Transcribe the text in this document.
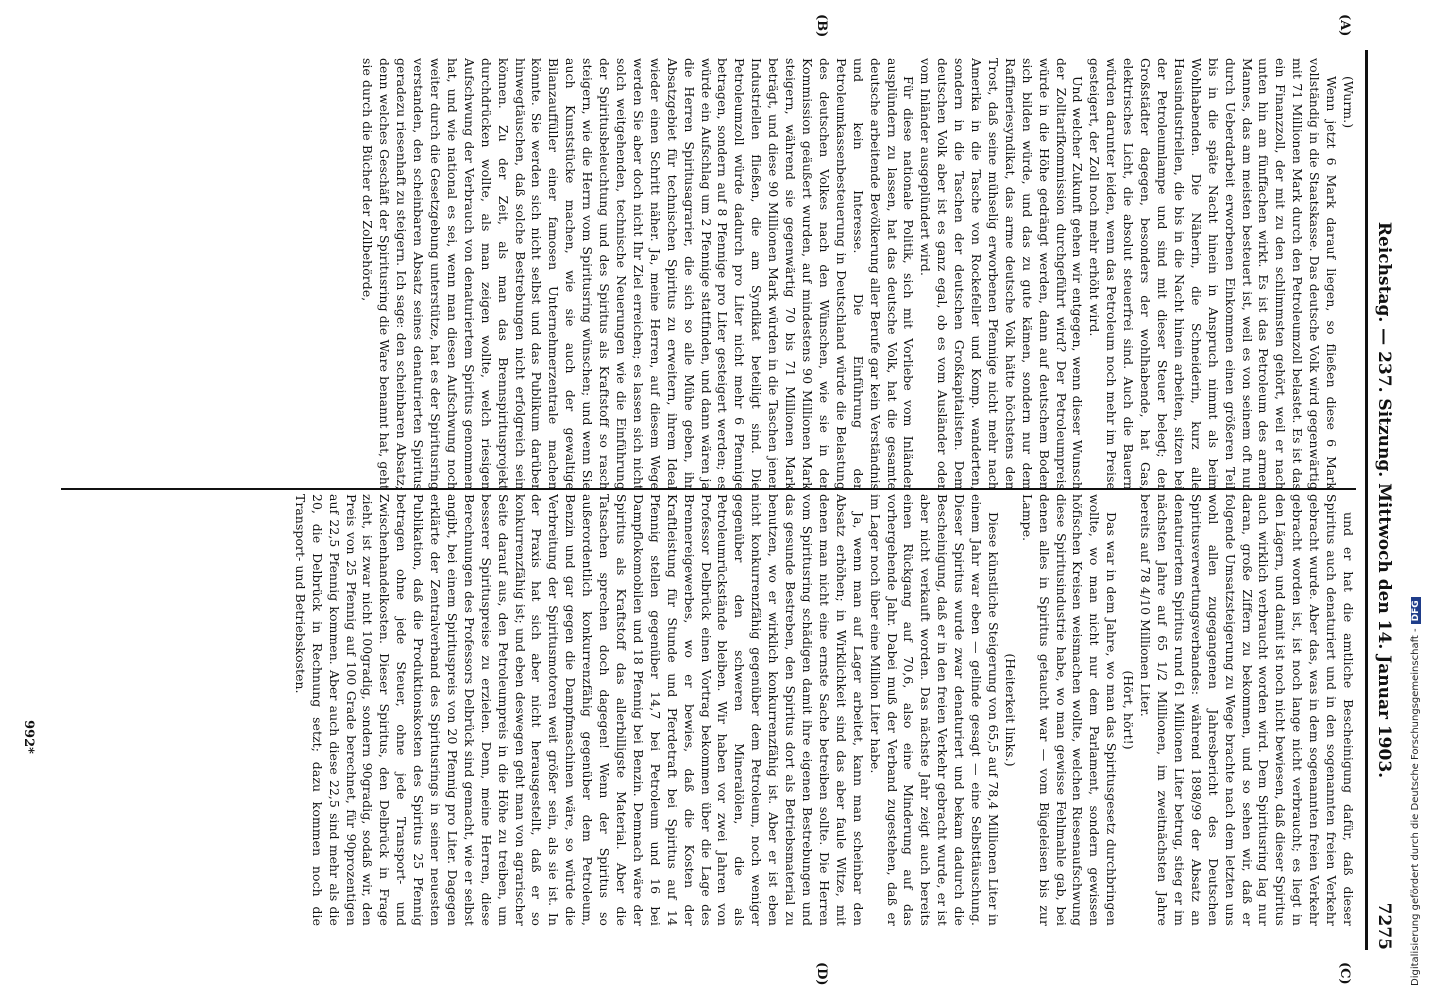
Reichstag. — 237. Sitzung. Mittwoch den 14. Januar 1903.
7275
(A)
(B)
(C)
(D)

(Wurm.)

Wenn jetzt 6 Mark darauf liegen, so fließen diese 6 Mark vollständig in die Staatskasse. Das deutsche Volk wird gegenwärtig mit 71 Millionen Mark durch den Petroleumzoll belastet. Es ist das ein Finanzzoll, der mit zu den schlimmsten gehört, weil er nach unten hin am fünffachen wirkt. Es ist das Petroleum des armen Mannes, das am meisten besteuert ist, weil es von seinem oft nur durch Ueberdarbeit erworbenen Einkommen einen größeren Teil bis in die späte Nacht hinein in Anspruch nimmt als beim Wohlhabenden. Die Näherin, die Schneiderin, kurz alle Hausindustriellen, die bis in die Nacht hinein arbeiten, sitzen bei der Petroleumlampe und sind mit dieser Steuer belegt; der Großstädter dagegen, besonders der wohlhabende, hat Gas, elektrisches Licht, die absolut steuerfrei sind. Auch die Bauern würden darunter leiden, wenn das Petroleum noch mehr im Preise gesteigert, der Zoll noch mehr erhöht wird.

Und welcher Zukunft gehen wir entgegen, wenn dieser Wunsch der Zolltarifkommission durchgeführt wird? Der Petroleumpreis würde in die Höhe gedrängt werden, dann auf deutschem Boden sich bilden würde, und das zu gute kämen, sondern nur dem Raffineriesyndikat, das arme deutsche Volk hätte höchstens den Trost, daß seine mühselig erworbenen Pfennige nicht mehr nach Amerika in die Tasche von Rockefeller und Komp. wanderten, sondern in die Taschen der deutschen Großkapitalisten. Dem deutschen Volk aber ist es ganz egal, ob es vom Ausländer oder vom Inländer ausgeplündert wird.

Für diese nationale Politik, sich mit Vorliebe vom Inländer ausplündern zu lassen, hat das deutsche Volk, hat die gesamte deutsche arbeitende Bevölkerung aller Berufe gar kein Verständnis und kein Interesse. Die Einführung der Petroleumkassenbesteuerung in Deutschland würde die Belastung des deutschen Volkes nach den Wünschen, wie sie in der Kommission geäußert wurden, auf mindestens 90 Millionen Mark steigern, während sie gegenwärtig 70 bis 71 Millionen Mark beträgt, und diese 90 Millionen Mark würden in die Taschen jener Industriellen fließen, die am Syndikat beteiligt sind. Die Petroleumzoll würde dadurch pro Liter nicht mehr 6 Pfennige betragen, sondern auf 8 Pfennige pro Liter gesteigert werden; es würde ein Aufschlag um 2 Pfennige stattfinden, und dann wären ja die Herren Spiritusagrarier, die sich so alle Mühe geben, ihr Absatzgebiet für technischen Spiritus zu erweitern, ihrem Ideal wieder einen Schritt näher. Ja, meine Herren, auf diesem Wege werden Sie aber doch nicht Ihr Ziel erreichen; es lassen sich nicht solch weitgehenden, technische Neuerungen wie die Einführung der Spiritusbeleuchtung und des Spiritus als Kraftstoff so rasch steigern, wie die Herrn vom Spiritusring wünschen; und wenn Sie auch Kunststücke machen, wie sie auch der gewaltige Bilanzauffüller einer famosen Unternehmerzentrale machen könnte. Sie werden sich nicht selbst und das Publikum darüber hinwegtäuschen, daß solche Bestrebungen nicht erfolgreich sein können. Zu der Zeit, als man das Brennspiritusprojekt durchdrücken wollte, als man zeigen wollte, welch riesigen Aufschwung der Verbrauch von denaturiertem Spiritus genommen hat, und wie national es sei, wenn man diesen Aufschwung noch weiter durch die Gesetzgebung unterstütze, hat es der Spiritusring verstanden, den scheinbaren Absatz seines denaturierten Spiritus geradezu riesenhaft zu steigern. Ich sage: den scheinbaren Absatz; denn welches Geschäft der Spiritusring die Ware benannt hat, geht sie durch die Bücher der Zollbehörde,

und er hat die amtliche Bescheinigung dafür, daß dieser Spiritus auch denaturiert und in den sogenannten freien Verkehr gebracht wurde. Aber das, was in dem sogenannten freien Verkehr gebracht worden ist, ist noch lange nicht verbraucht; es liegt in den Lägern, und damit ist noch nicht bewiesen, daß dieser Spiritus auch wirklich verbraucht worden wird. Dem Spiritusring lag nur daran, große Ziffern zu bekommen, und so sehen wir, daß er folgende Umsatzsteigerung zu Wege brachte nach dem letzten uns wohl allen zugegangenen Jahresbericht des Deutschen Spiritusverwertungsverbandes: während 1898/99 der Absatz an denaturiertem Spiritus rund 61 Millionen Liter betrug, stieg er im nächsten Jahre auf 65 1/2 Millionen, im zweitnächsten Jahre bereits auf 78 4/10 Millionen Liter.

(Hört, hört!)

Das war in dem Jahre, wo man das Spiritusgesetz durchbringen wollte, wo man nicht nur dem Parlament, sondern gewissen höfischen Kreisen weismachen wollte, welchen Riesenaufschwung diese Spiritusindustrie habe, wo man gewisse Fehlmahle gab, bei denen alles in Spiritus getaucht war — vom Bügeleisen bis zur Lampe.

(Heiterkeit links.)

Diese künstliche Steigerung von 65,5 auf 78,4 Millionen Liter in einem Jahr war eben — gelinde gesagt — eine Selbsttäuschung. Dieser Spiritus wurde zwar denaturiert und bekam dadurch die Bescheinigung, daß er in den freien Verkehr gebracht wurde, er ist aber nicht verkauft worden. Das nächste Jahr zeigt auch bereits einen Rückgang auf 70,6, also eine Minderung auf das vorhergehende Jahr. Dabei muß der Verband zugestehen, daß er im Lager noch über eine Million Liter habe.

Ja, wenn man auf Lager arbeitet, kann man scheinbar den Absatz erhöhen; in Wirklichkeit sind das aber faule Witze, mit denen man nicht eine ernste Sache betreiben sollte. Die Herren vom Spiritusring schädigen damit ihre eigenen Bestrebungen und das gesunde Bestreben, den Spiritus dort als Betriebsmaterial zu benutzen, wo er wirklich konkurrenzfähig ist. Aber er ist eben nicht konkurrenzfähig gegenüber dem Petroleum, noch weniger gegenüber den schweren Mineralölen, die als Petroleumrückstände bleiben. Wir haben vor zwei Jahren von Professor Delbrück einen Vortrag bekommen über die Lage des Brennereigewerbes, wo er bewies, daß die Kosten der Kraftleistung für Stunde und Pferdetraft bei Spiritus auf 14 Pfennig stellen gegenüber 14,7 bei Petroleum und 16 bei Dampflokomobilen und 18 Pfennig bei Benzin. Demnach wäre der Spiritus als Kraftstoff das allerbilligste Material. Aber die Tatsachen sprechen doch dagegen! Wenn der Spiritus so außerordentlich konkurrenzfähig gegenüber dem Petroleum, Benzin und gar gegen die Dampfmaschinen wäre, so würde die Verbreitung der Spiritusmotoren weit größer sein, als sie ist. In der Praxis hat sich aber nicht herausgestellt, daß er so konkurrenzfähig ist; und eben deswegen geht man von agrarischer Seite darauf aus, den Petroleumpreis in die Höhe zu treiben, um besserer Spirituspreise zu erzielen. Denn, meine Herren, diese Berechnungen des Professors Delbrück sind gemacht, wie er selbst angibt, bei einem Spirituspreis von 20 Pfennig pro Liter. Dagegen erklärte der Zentralverband des Spiritusrings in seiner neuesten Publikation, daß die Produktionskosten des Spiritus 25 Pfennig betragen ohne jede Steuer, ohne jede Transport- und Zwischenhandelkosten. Dieser Spiritus, den Delbrück in Frage zieht, ist zwar nicht 100gradig, sondern 90gradig, sodaß wir, den Preis von 25 Pfennig auf 100 Grade berechnet, für 90prozentigen auf 22,5 Pfennig kommen. Aber auch diese 22,5 sind mehr als die 20, die Delbrück in Rechnung setzt; dazu kommen noch die Transport- und Betriebskosten.

992*	Digitalisierung gefördert durch die Deutsche Forschungsgemeinschaft -DFG
